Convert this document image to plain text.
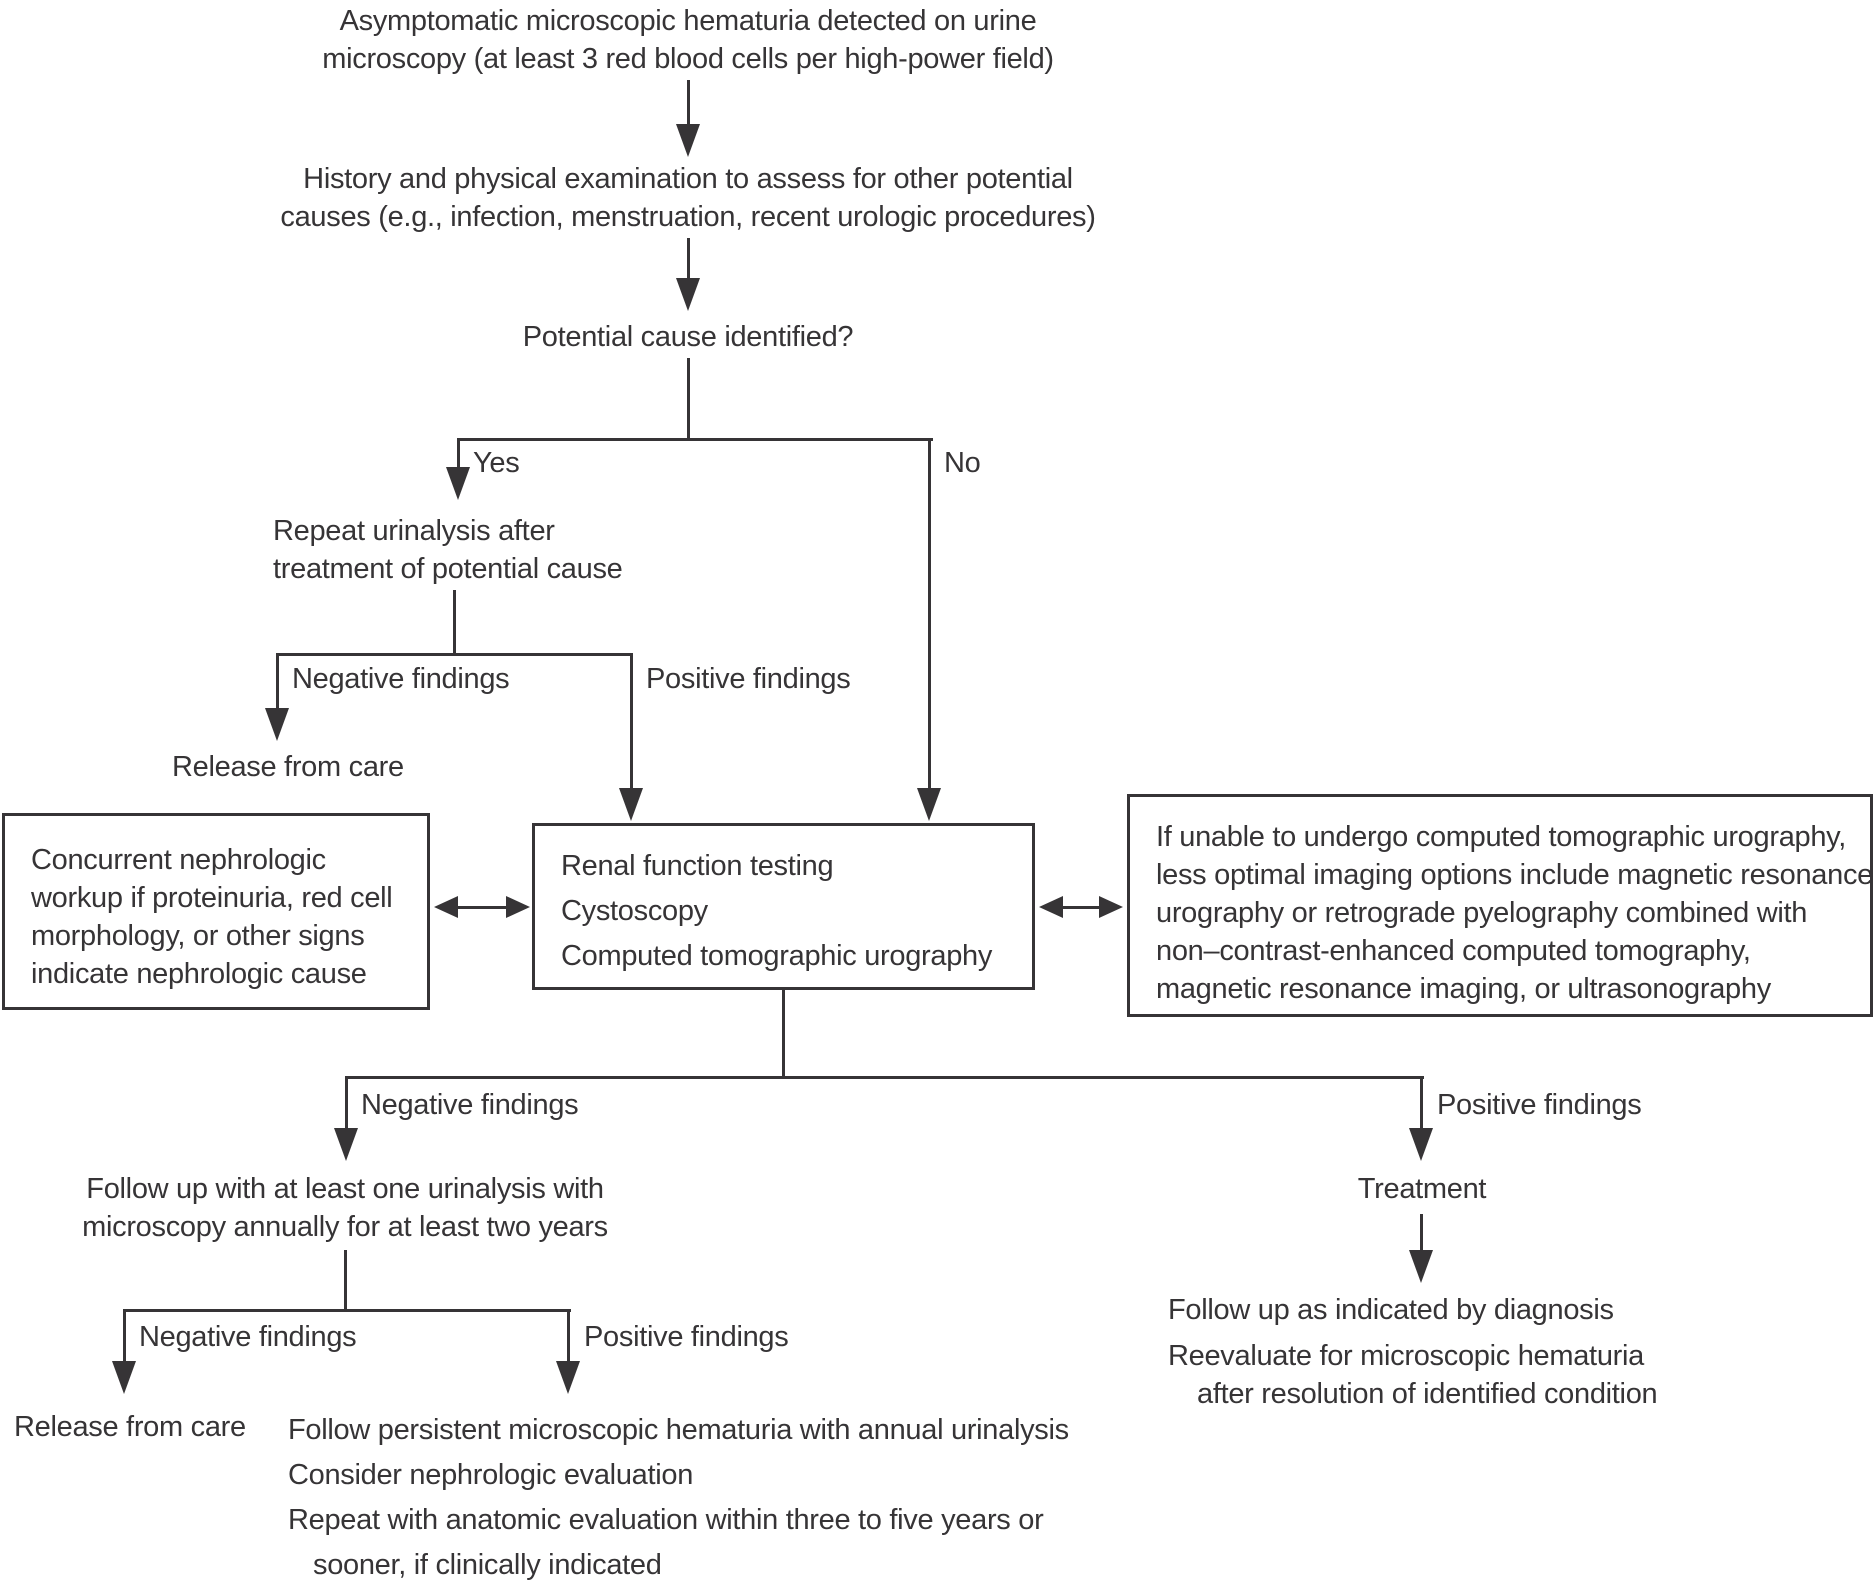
Asymptomatic microscopic hematuria detected on urine
microscopy (at least 3 red blood cells per high-power field)
History and physical examination to assess for other potential
causes (e.g., infection, menstruation, recent urologic procedures)
Potential cause identified?
Yes	No
Repeat urinalysis after
treatment of potential cause
Negative findings	Positive findings
Release from care
Concurrent nephrologic
workup if proteinuria, red cell
morphology, or other signs
indicate nephrologic cause
Renal function testing
Cystoscopy
Computed tomographic urography
If unable to undergo computed tomographic urography,
less optimal imaging options include magnetic resonance
urography or retrograde pyelography combined with
non–contrast-enhanced computed tomography,
magnetic resonance imaging, or ultrasonography
Negative findings	Positive findings
Follow up with at least one urinalysis with
microscopy annually for at least two years
Negative findings	Positive findings
Release from care Follow persistent microscopic hematuria with annual urinalysis
Consider nephrologic evaluation
Repeat with anatomic evaluation within three to five years or
sooner, if clinically indicated
Treatment
Follow up as indicated by diagnosis
Reevaluate for microscopic hematuria
after resolution of identified condition
